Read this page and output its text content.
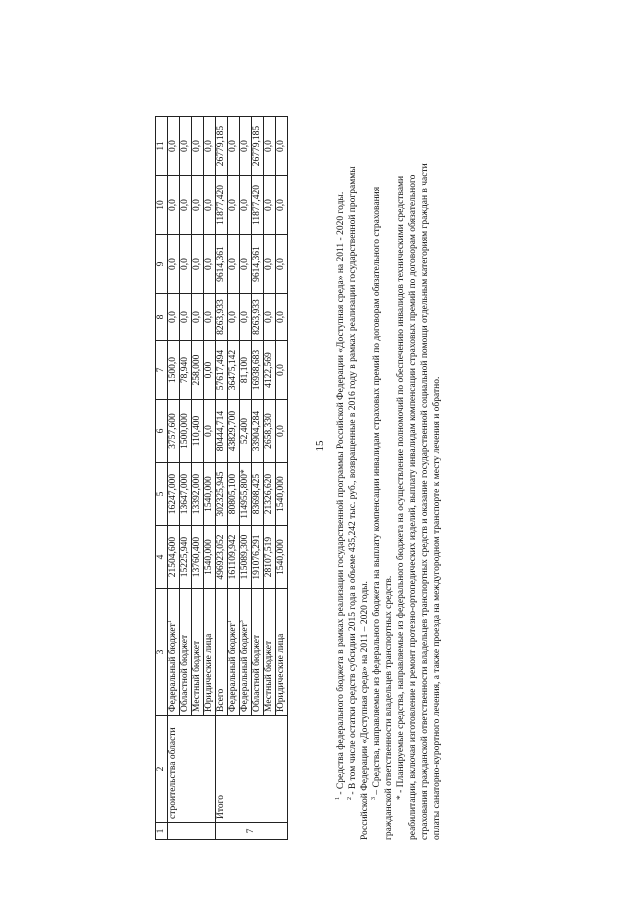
15
1	2	3	4	5	6	7	8	9	10	11
	строительства области	Федеральный бюджет$^1$	21504,600	16247,000	3757,600	1500,0	0,0	0,0	0,0	0,0
		Областной бюджет	15225,940	13647,000	1500,000	78,940	0,0	0,0	0,0	0,0
		Местный бюджет	13760,400	13392,000	110,400	258,000	0,0	0,0	0,0	0,0
		Юридические лица	1540,000	1540,000	0,0	0,00	0,0	0,0	0,0	0,0
7	Итого	Всего	496923,052	302325,945	80444,714	57617,494	8263,933	9614,361	11877,420	26779,185
		Федеральный бюджет$^1$	161109,942	80805,100	43829,700	36475,142	0,0	0,0	0,0	0,0
		Федеральный бюджет$^3$	115089,300	114955,800*	52,400	81,100	0,0	0,0	0,0	0,0
		Областной бюджет	191076,291	83698,425	33904,284	16938,683	8263,933	9614,361	11877,420	26779,185
		Местный бюджет	28107,519	21326,620	2658,330	4122,569	0,0	0,0	0,0	0,0
		Юридические лица	1540,000	1540,000	0,0	0,0	0,0	0,0	0,0	0,0

$^1$ - Средства федерального бюджета в рамках реализации государственной программы Российской Федерации «Доступная среда» на 2011 - 2020 годы.

$^2$ - В том числе остатки средств субсидии 2015 года в объеме 435,242 тыс. руб., возвращенные в 2016 году в рамках реализации государственной программы Российской Федерации «Доступная среда» на 2011 – 2020 годы. $^3$ – Средства, направляемые из федерального бюджета на выплату компенсации инвалидам страховых премий по договорам обязательного страхования гражданской ответственности владельцев транспортных средств. * - Планируемые средства, направляемые из федерального бюджета на осуществление полномочий по обеспечению инвалидов техническими средствами реабилитации, включая изготовление и ремонт протезно-ортопедических изделий, выплату инвалидам компенсации страховых премий по договорам обязательного страхования гражданской ответственности владельцев транспортных средств и оказание государственной социальной помощи отдельным категориям граждан в части оплаты санаторно-курортного лечения, а также проезда на междугородном транспорте к месту лечения и обратно.
